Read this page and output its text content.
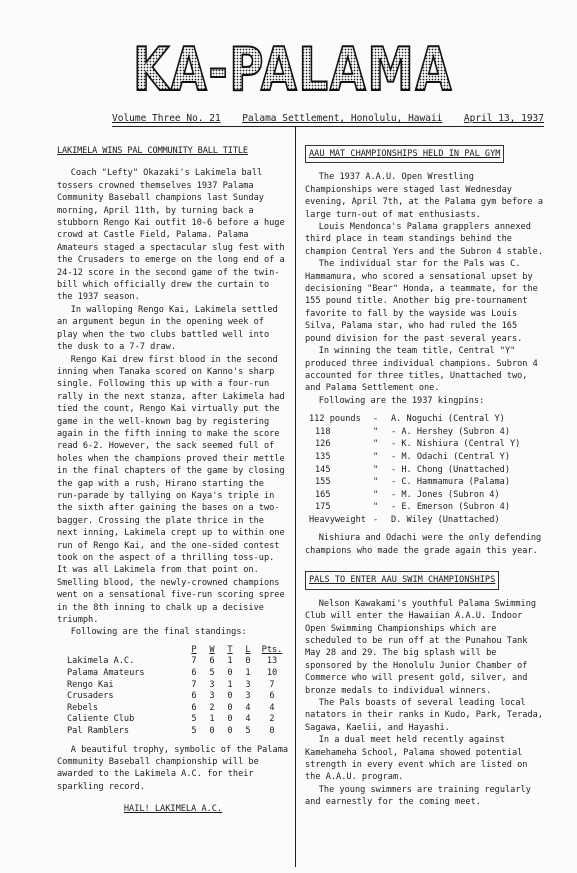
KA-PALAMA
Volume Three No. 21 Palama Settlement, Honolulu, Hawaii April 13, 1937
LAKIMELA WINS PAL COMMUNITY BALL TITLE

Coach "Lefty" Okazaki's Lakimela ball tossers crowned themselves 1937 Palama Community Baseball champions last Sunday morning, April 11th, by turning back a stubborn Rengo Kai outfit 10-6 before a huge crowd at Castle Field, Palama. Palama Amateurs staged a spectacular slug fest with the Crusaders to emerge on the long end of a 24-12 score in the second game of the twin-bill which officially drew the curtain to the 1937 season.

In walloping Rengo Kai, Lakimela settled an argument begun in the opening week of play when the two clubs battled well into the dusk to a 7-7 draw.

Rengo Kai drew first blood in the second inning when Tanaka scored on Kanno's sharp single. Following this up with a four-run rally in the next stanza, after Lakimela had tied the count, Rengo Kai virtually put the game in the well-known bag by registering again in the fifth inning to make the score read 6-2. However, the sack seemed full of holes when the champions proved their mettle in the final chapters of the game by closing the gap with a rush, Hirano starting the run-parade by tallying on Kaya's triple in the sixth after gaining the bases on a two-bagger. Crossing the plate thrice in the next inning, Lakimela crept up to within one run of Rengo Kai, and the one-sided contest took on the aspect of a thrilling toss-up. It was all Lakimela from that point on. Smelling blood, the newly-crowned champions went on a sensational five-run scoring spree in the 8th inning to chalk up a decisive triumph.

Following are the final standings:

	P	W	T	L	Pts.
Lakimela A.C.	7	6	1	0	13
Palama Amateurs	6	5	0	1	10
Rengo Kai	7	3	1	3	7
Crusaders	6	3	0	3	6
Rebels	6	2	0	4	4
Caliente Club	5	1	0	4	2
Pal Ramblers	5	0	0	5	0

A beautiful trophy, symbolic of the Palama Community Baseball championship will be awarded to the Lakimela A.C. for their sparkling record.

HAIL! LAKIMELA A.C.
AAU MAT CHAMPIONSHIPS HELD IN PAL GYM

The 1937 A.A.U. Open Wrestling Championships were staged last Wednesday evening, April 7th, at the Palama gym before a large turn-out of mat enthusiasts.

Louis Mendonca's Palama grapplers annexed third place in team standings behind the champion Central Yers and the Subron 4 stable.

The individual star for the Pals was C. Hammamura, who scored a sensational upset by decisioning "Bear" Honda, a teammate, for the 155 pound title. Another big pre-tournament favorite to fall by the wayside was Louis Silva, Palama star, who had ruled the 165 pound division for the past several years.

In winning the team title, Central "Y" produced three individual champions. Subron 4 accounted for three titles, Unattached two, and Palama Settlement one.

Following are the 1937 kingpins:

112 pounds	-	A. Noguchi (Central Y)
118	"	- A. Hershey (Subron 4)
126	"	- K. Nishiura (Central Y)
135	"	- M. Odachi (Central Y)
145	"	- H. Chong (Unattached)
155	"	- C. Hammamura (Palama)
165	"	- M. Jones (Subron 4)
175	"	- E. Emerson (Subron 4)
Heavyweight	-	D. Wiley (Unattached)

Nishiura and Odachi were the only defending champions who made the grade again this year.

PALS TO ENTER AAU SWIM CHAMPIONSHIPS

Nelson Kawakami's youthful Palama Swimming Club will enter the Hawaiian A.A.U. Indoor Open Swimming Championships which are scheduled to be run off at the Punahou Tank May 28 and 29. The big splash will be sponsored by the Honolulu Junior Chamber of Commerce who will present gold, silver, and bronze medals to individual winners.

The Pals boasts of several leading local natators in their ranks in Kudo, Park, Terada, Sagawa, Kaelii, and Hayashi.

In a dual meet held recently against Kamehameha School, Palama showed potential strength in every event which are listed on the A.A.U. program.

The young swimmers are training regularly and earnestly for the coming meet.
